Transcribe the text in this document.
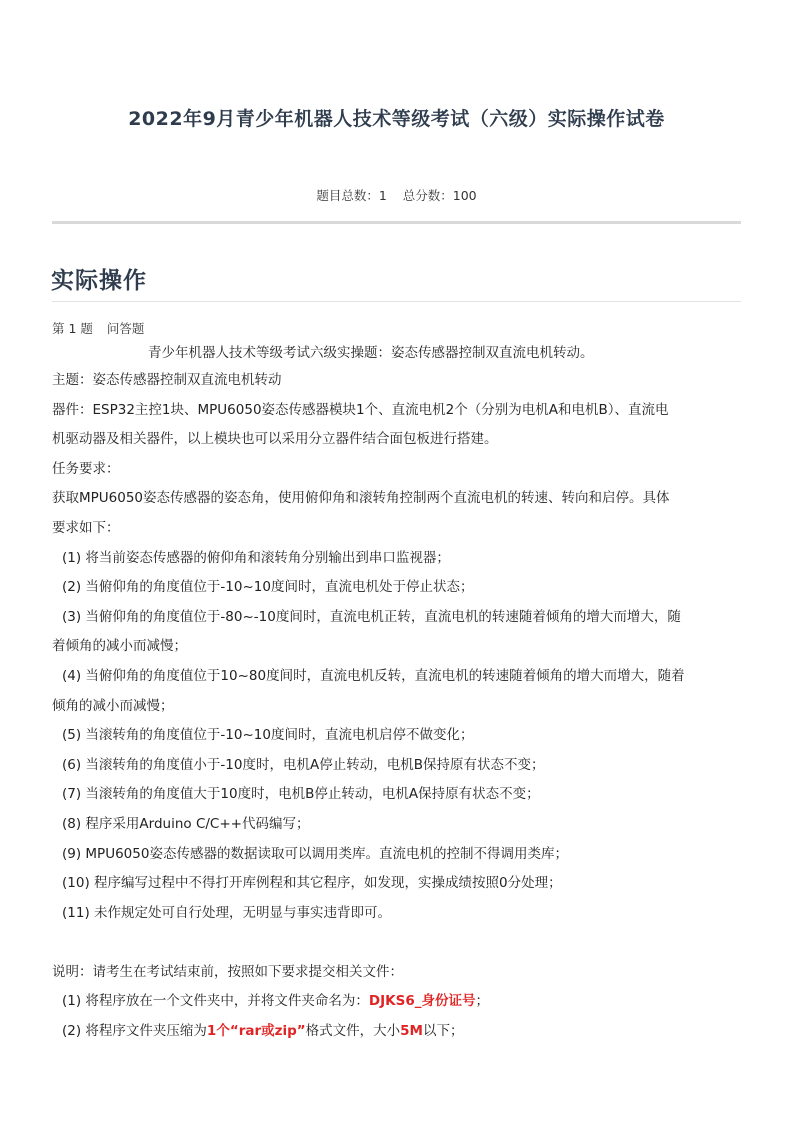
2022年9月青少年机器人技术等级考试（六级）实际操作试卷
题目总数：1 总分数：100
实际操作
第 1 题 问答题

青少年机器人技术等级考试六级实操题：姿态传感器控制双直流电机转动。

主题：姿态传感器控制双直流电机转动

器件：ESP32主控1块、MPU6050姿态传感器模块1个、直流电机2个（分别为电机A和电机B）、直流电

机驱动器及相关器件，以上模块也可以采用分立器件结合面包板进行搭建。

任务要求：

获取MPU6050姿态传感器的姿态角，使用俯仰角和滚转角控制两个直流电机的转速、转向和启停。具体

要求如下：

(1) 将当前姿态传感器的俯仰角和滚转角分别输出到串口监视器；

(2) 当俯仰角的角度值位于-10~10度间时，直流电机处于停止状态；

(3) 当俯仰角的角度值位于-80~-10度间时，直流电机正转，直流电机的转速随着倾角的增大而增大，随

着倾角的减小而减慢；

(4) 当俯仰角的角度值位于10~80度间时，直流电机反转，直流电机的转速随着倾角的增大而增大，随着

倾角的减小而减慢；

(5) 当滚转角的角度值位于-10~10度间时，直流电机启停不做变化；

(6) 当滚转角的角度值小于-10度时，电机A停止转动，电机B保持原有状态不变；

(7) 当滚转角的角度值大于10度时，电机B停止转动，电机A保持原有状态不变；

(8) 程序采用Arduino C/C++代码编写；

(9) MPU6050姿态传感器的数据读取可以调用类库。直流电机的控制不得调用类库；

(10) 程序编写过程中不得打开库例程和其它程序，如发现，实操成绩按照0分处理；

(11) 未作规定处可自行处理，无明显与事实违背即可。

说明：请考生在考试结束前，按照如下要求提交相关文件：

(1) 将程序放在一个文件夹中，并将文件夹命名为：DJKS6_身份证号；

(2) 将程序文件夹压缩为1个“rar或zip”格式文件，大小5M以下；
